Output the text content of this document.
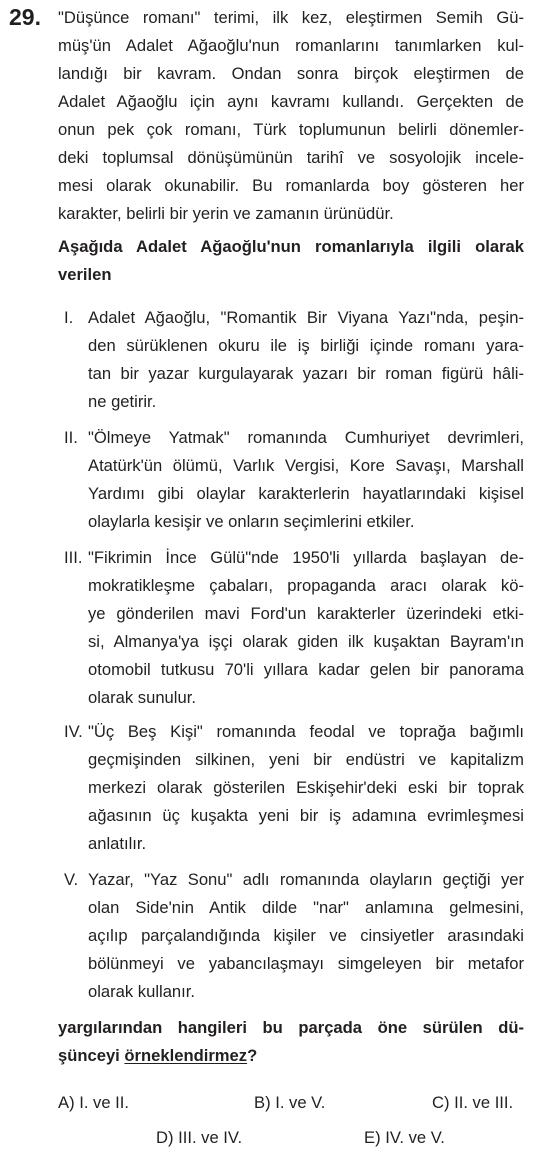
29. "Düşünce romanı" terimi, ilk kez, eleştirmen Semih Gü-
müş'ün Adalet Ağaoğlu'nun romanlarını tanımlarken kul-
landığı bir kavram. Ondan sonra birçok eleştirmen de
Adalet Ağaoğlu için aynı kavramı kullandı. Gerçekten de
onun pek çok romanı, Türk toplumunun belirli dönemler-
deki toplumsal dönüşümünün tarihî ve sosyolojik incele-
mesi olarak okunabilir. Bu romanlarda boy gösteren her
karakter, belirli bir yerin ve zamanın ürünüdür.
Aşağıda Adalet Ağaoğlu'nun romanlarıyla ilgili olarak
verilen
I. Adalet Ağaoğlu, "Romantik Bir Viyana Yazı"nda, peşin-
den sürüklenen okuru ile iş birliği içinde romanı yara-
tan bir yazar kurgulayarak yazarı bir roman figürü hâli-
ne getirir.
II. "Ölmeye Yatmak" romanında Cumhuriyet devrimleri,
Atatürk'ün ölümü, Varlık Vergisi, Kore Savaşı, Marshall
Yardımı gibi olaylar karakterlerin hayatlarındaki kişisel
olaylarla kesişir ve onların seçimlerini etkiler.
III. "Fikrimin İnce Gülü"nde 1950'li yıllarda başlayan de-
mokratikleşme çabaları, propaganda aracı olarak kö-
ye gönderilen mavi Ford'un karakterler üzerindeki etki-
si, Almanya'ya işçi olarak giden ilk kuşaktan Bayram'ın
otomobil tutkusu 70'li yıllara kadar gelen bir panorama
olarak sunulur.
IV. "Üç Beş Kişi" romanında feodal ve toprağa bağımlı
geçmişinden silkinen, yeni bir endüstri ve kapitalizm
merkezi olarak gösterilen Eskişehir'deki eski bir toprak
ağasının üç kuşakta yeni bir iş adamına evrimleşmesi
anlatılır.
V. Yazar, "Yaz Sonu" adlı romanında olayların geçtiği yer
olan Side'nin Antik dilde "nar" anlamına gelmesini,
açılıp parçalandığında kişiler ve cinsiyetler arasındaki
bölünmeyi ve yabancılaşmayı simgeleyen bir metafor
olarak kullanır.
yargılarından hangileri bu parçada öne sürülen dü-
şünceyi örneklendirmez?
A) I. ve II.	B) I. ve V.	C) II. ve III.
D) III. ve IV.	E) IV. ve V.
